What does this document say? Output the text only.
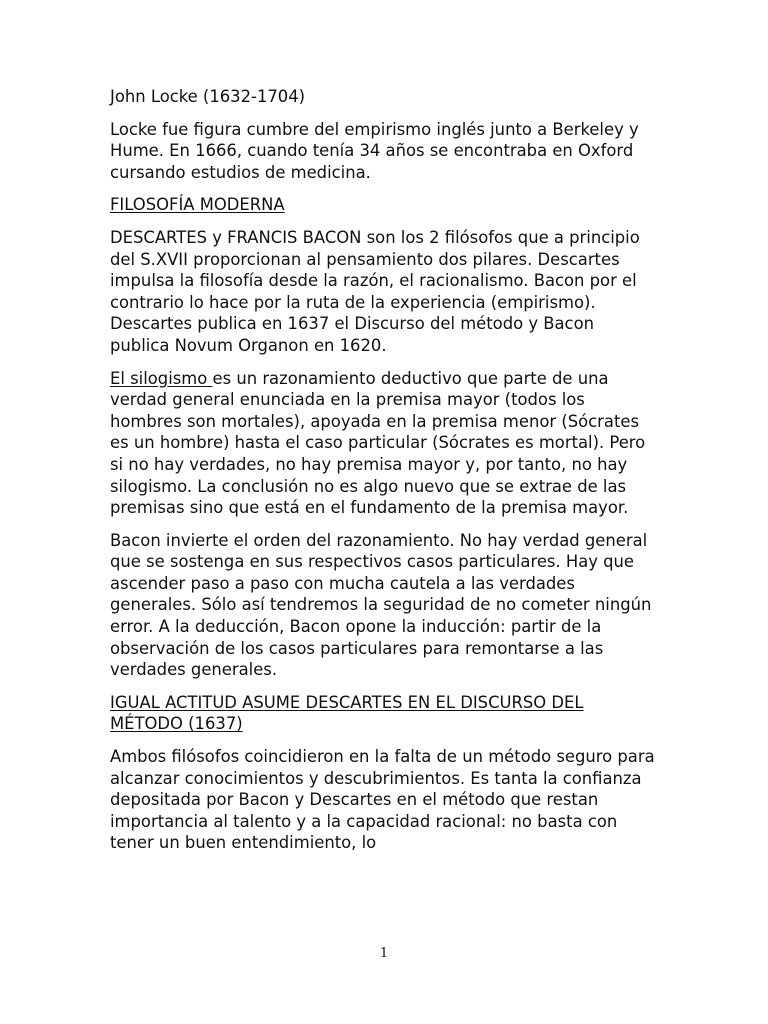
John Locke (1632-1704)

Locke fue figura cumbre del empirismo inglés junto a Berkeley y Hume. En 1666, cuando tenía 34 años se encontraba en Oxford cursando estudios de medicina.

FILOSOFÍA MODERNA

DESCARTES y FRANCIS BACON son los 2 filósofos que a principio del S.XVII proporcionan al pensamiento dos pilares. Descartes impulsa la filosofía desde la razón, el racionalismo. Bacon por el contrario lo hace por la ruta de la experiencia (empirismo). Descartes publica en 1637 el Discurso del método y Bacon publica Novum Organon en 1620.

El silogismo es un razonamiento deductivo que parte de una verdad general enunciada en la premisa mayor (todos los hombres son mortales), apoyada en la premisa menor (Sócrates es un hombre) hasta el caso particular (Sócrates es mortal). Pero si no hay verdades, no hay premisa mayor y, por tanto, no hay silogismo. La conclusión no es algo nuevo que se extrae de las premisas sino que está en el fundamento de la premisa mayor.

Bacon invierte el orden del razonamiento. No hay verdad general que se sostenga en sus respectivos casos particulares. Hay que ascender paso a paso con mucha cautela a las verdades generales. Sólo así tendremos la seguridad de no cometer ningún error. A la deducción, Bacon opone la inducción: partir de la observación de los casos particulares para remontarse a las verdades generales.

IGUAL ACTITUD ASUME DESCARTES EN EL DISCURSO DEL MÉTODO (1637)

Ambos filósofos coincidieron en la falta de un método seguro para alcanzar conocimientos y descubrimientos. Es tanta la confianza depositada por Bacon y Descartes en el método que restan importancia al talento y a la capacidad racional: no basta con tener un buen entendimiento, lo

1
